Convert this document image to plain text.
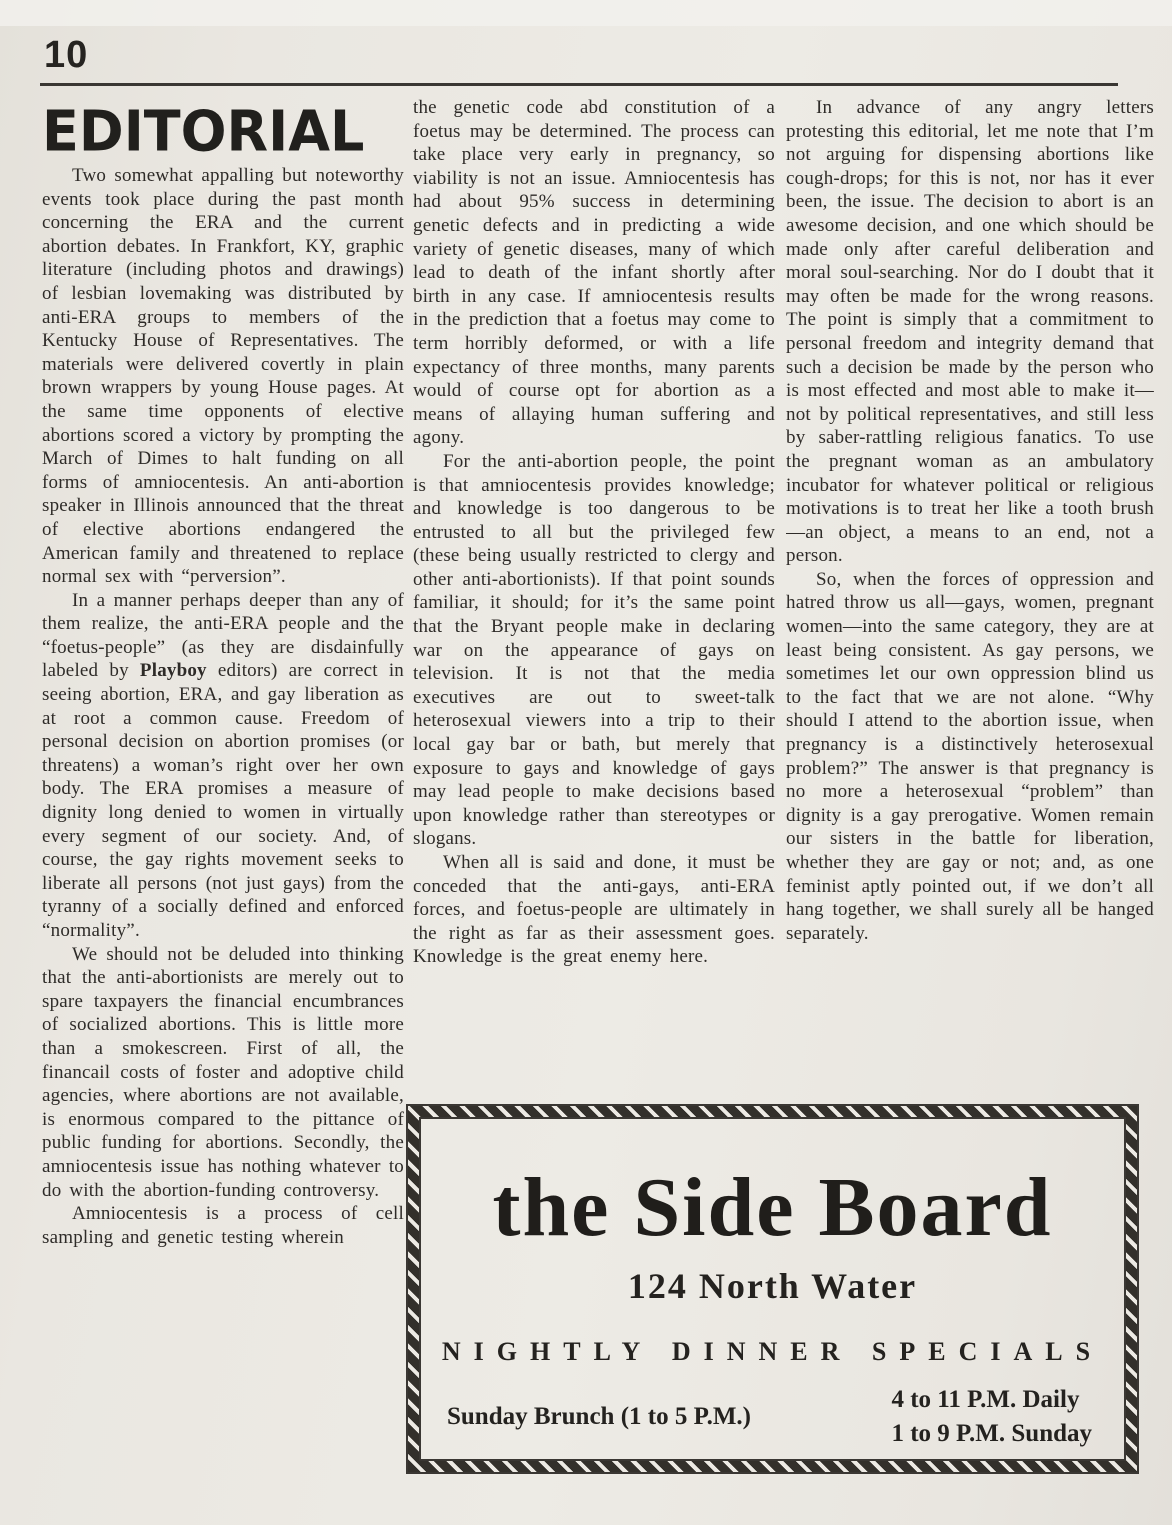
10
EDITORIAL

Two somewhat appalling but noteworthy events took place during the past month concerning the ERA and the current abortion debates. In Frankfort, KY, graphic literature (including photos and drawings) of lesbian lovemaking was distributed by anti-ERA groups to members of the Kentucky House of Representatives. The materials were delivered covertly in plain brown wrappers by young House pages. At the same time opponents of elective abortions scored a victory by prompting the March of Dimes to halt funding on all forms of amniocentesis. An anti-abortion speaker in Illinois announced that the threat of elective abortions endangered the American family and threatened to replace normal sex with “perversion”.

In a manner perhaps deeper than any of them realize, the anti-ERA people and the “foetus-people” (as they are disdainfully labeled by Playboy editors) are correct in seeing abortion, ERA, and gay liberation as at root a common cause. Freedom of personal decision on abortion promises (or threatens) a woman’s right over her own body. The ERA promises a measure of dignity long denied to women in virtually every segment of our society. And, of course, the gay rights movement seeks to liberate all persons (not just gays) from the tyranny of a socially defined and enforced “normality”.

We should not be deluded into thinking that the anti-abortionists are merely out to spare taxpayers the financial encumbrances of socialized abortions. This is little more than a smokescreen. First of all, the financail costs of foster and adoptive child agencies, where abortions are not available, is enormous compared to the pittance of public funding for abortions. Secondly, the amniocentesis issue has nothing whatever to do with the abortion-funding controversy.

Amniocentesis is a process of cell sampling and genetic testing wherein

the genetic code abd constitution of a foetus may be determined. The process can take place very early in pregnancy, so viability is not an issue. Amniocentesis has had about 95% success in determining genetic defects and in predicting a wide variety of genetic diseases, many of which lead to death of the infant shortly after birth in any case. If amniocentesis results in the prediction that a foetus may come to term horribly deformed, or with a life expectancy of three months, many parents would of course opt for abortion as a means of allaying human suffering and agony.

For the anti-abortion people, the point is that amniocentesis provides knowledge; and knowledge is too dangerous to be entrusted to all but the privileged few (these being usually restricted to clergy and other anti-abortionists). If that point sounds familiar, it should; for it’s the same point that the Bryant people make in declaring war on the appearance of gays on television. It is not that the media executives are out to sweet-talk heterosexual viewers into a trip to their local gay bar or bath, but merely that exposure to gays and knowledge of gays may lead people to make decisions based upon knowledge rather than stereotypes or slogans.

When all is said and done, it must be conceded that the anti-gays, anti-ERA forces, and foetus-people are ultimately in the right as far as their assessment goes. Knowledge is the great enemy here.

In advance of any angry letters protesting this editorial, let me note that I’m not arguing for dispensing abortions like cough-drops; for this is not, nor has it ever been, the issue. The decision to abort is an awesome decision, and one which should be made only after careful deliberation and moral soul-searching. Nor do I doubt that it may often be made for the wrong reasons. The point is simply that a commitment to personal freedom and integrity demand that such a decision be made by the person who is most effected and most able to make it—not by political representatives, and still less by saber-rattling religious fanatics. To use the pregnant woman as an ambulatory incubator for whatever political or religious motivations is to treat her like a tooth brush—an object, a means to an end, not a person.

So, when the forces of oppression and hatred throw us all—gays, women, pregnant women—into the same category, they are at least being consistent. As gay persons, we sometimes let our own oppression blind us to the fact that we are not alone. “Why should I attend to the abortion issue, when pregnancy is a distinctively heterosexual problem?” The answer is that pregnancy is no more a heterosexual “problem” than dignity is a gay prerogative. Women remain our sisters in the battle for liberation, whether they are gay or not; and, as one feminist aptly pointed out, if we don’t all hang together, we shall surely all be hanged separately.

the Side Board
124 North Water
NIGHTLY DINNER SPECIALS
Sunday Brunch (1 to 5 P.M.)
4 to 11 P.M. Daily
1 to 9 P.M. Sunday
